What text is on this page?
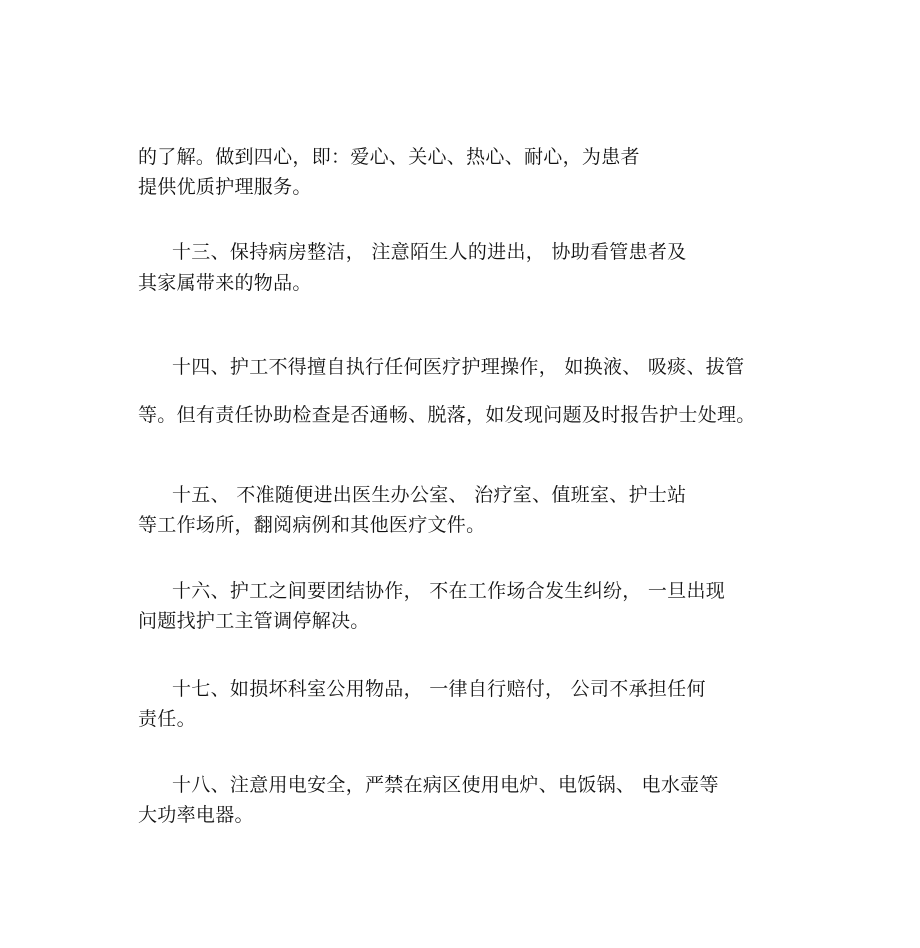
的了解。做到四心，即：爱心、关心、热心、耐心，为患者
提供优质护理服务。
十三、保持病房整洁， 注意陌生人的进出， 协助看管患者及
其家属带来的物品。
十四、护工不得擅自执行任何医疗护理操作， 如换液、 吸痰、拔管
等。但有责任协助检查是否通畅、脱落，如发现问题及时报告护士处理。
十五、 不准随便进出医生办公室、 治疗室、值班室、护士站
等工作场所，翻阅病例和其他医疗文件。
十六、护工之间要团结协作， 不在工作场合发生纠纷， 一旦出现
问题找护工主管调停解决。
十七、如损坏科室公用物品， 一律自行赔付， 公司不承担任何
责任。
十八、注意用电安全，严禁在病区使用电炉、电饭锅、 电水壶等
大功率电器。
